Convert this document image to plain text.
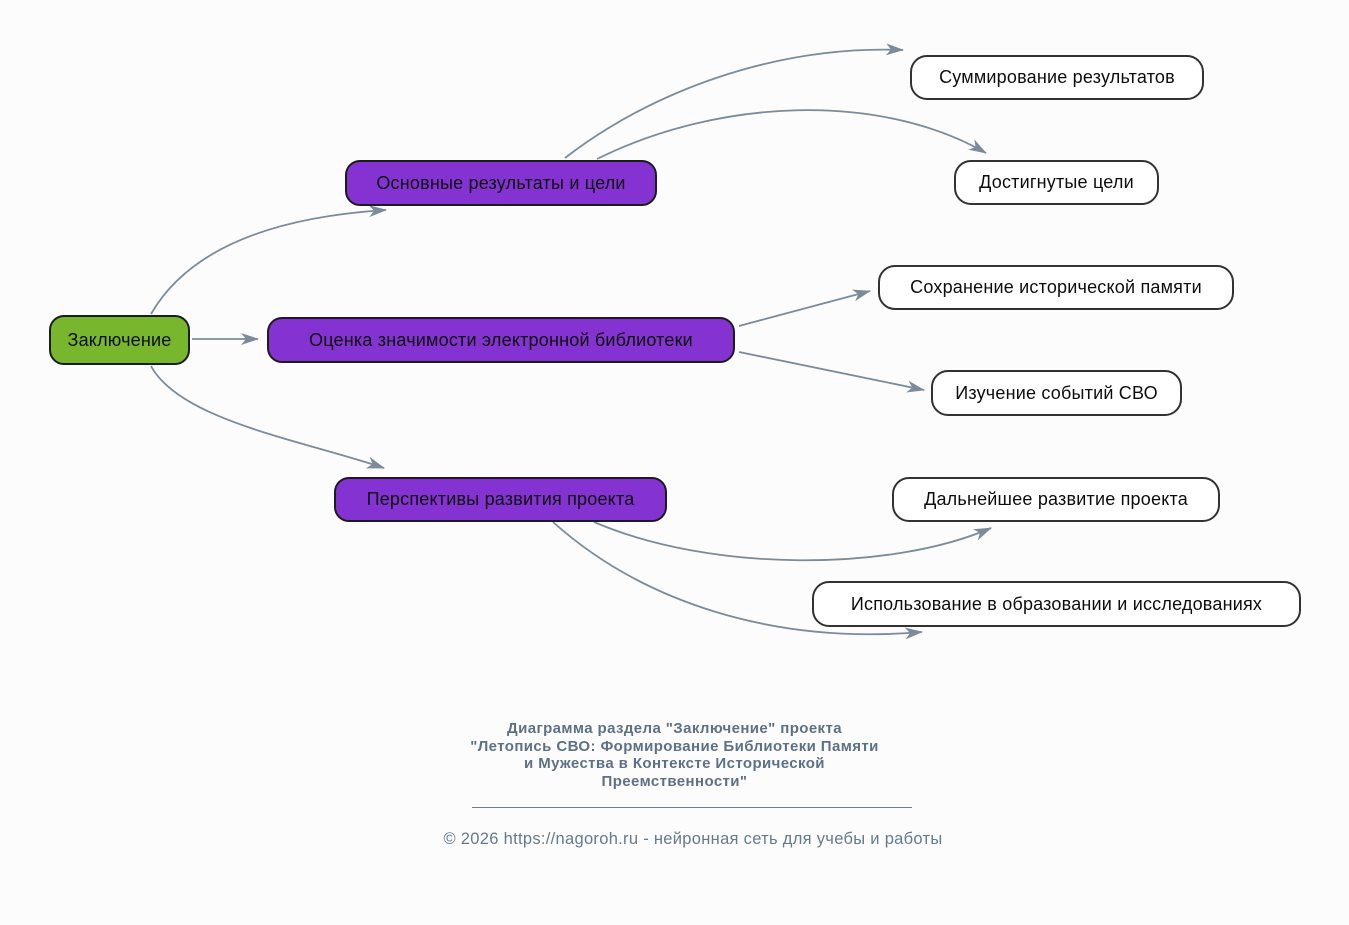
Заключение
Основные результаты и цели
Оценка значимости электронной библиотеки
Перспективы развития проекта
Суммирование результатов
Достигнутые цели
Сохранение исторической памяти
Изучение событий СВО
Дальнейшее развитие проекта
Использование в образовании и исследованиях
Диаграмма раздела "Заключение" проекта
"Летопись СВО: Формирование Библиотеки Памяти
и Мужества в Контексте Исторической
Преемственности"
© 2026 https://nagoroh.ru - нейронная сеть для учебы и работы
